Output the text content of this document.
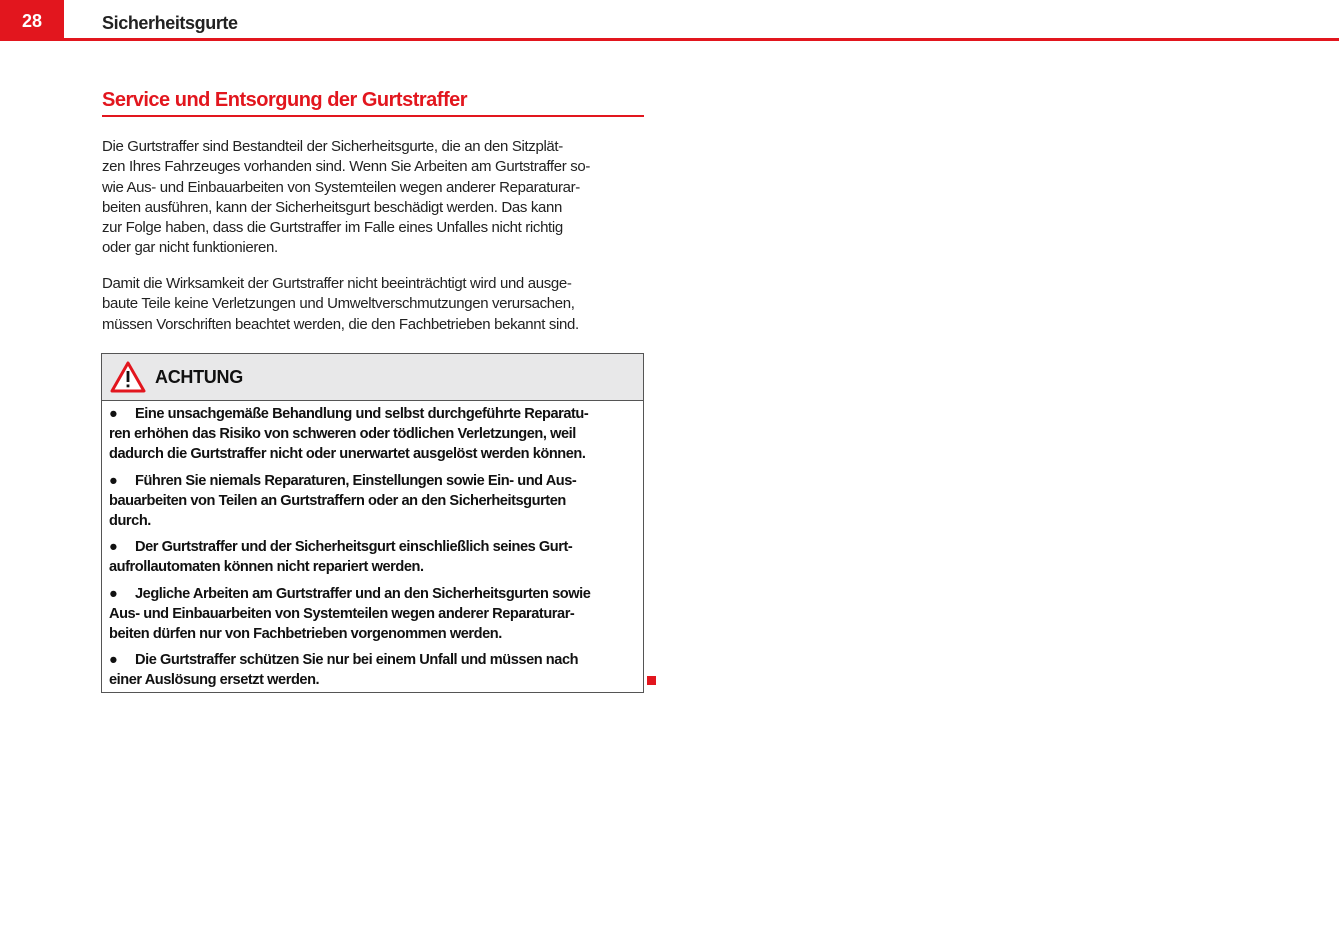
28	Sicherheitsgurte
Service und Entsorgung der Gurtstraffer
Die Gurtstraffer sind Bestandteil der Sicherheitsgurte, die an den Sitzplät-
zen Ihres Fahrzeuges vorhanden sind. Wenn Sie Arbeiten am Gurtstraffer so-
wie Aus- und Einbauarbeiten von Systemteilen wegen anderer Reparaturar-
beiten ausführen, kann der Sicherheitsgurt beschädigt werden. Das kann
zur Folge haben, dass die Gurtstraffer im Falle eines Unfalles nicht richtig
oder gar nicht funktionieren.
Damit die Wirksamkeit der Gurtstraffer nicht beeinträchtigt wird und ausge-
baute Teile keine Verletzungen und Umweltverschmutzungen verursachen,
müssen Vorschriften beachtet werden, die den Fachbetrieben bekannt sind.
ACHTUNG
● Eine unsachgemäße Behandlung und selbst durchgeführte Reparatu-
ren erhöhen das Risiko von schweren oder tödlichen Verletzungen, weil
dadurch die Gurtstraffer nicht oder unerwartet ausgelöst werden können.
● Führen Sie niemals Reparaturen, Einstellungen sowie Ein- und Aus-
bauarbeiten von Teilen an Gurtstraffern oder an den Sicherheitsgurten
durch.
● Der Gurtstraffer und der Sicherheitsgurt einschließlich seines Gurt-
aufrollautomaten können nicht repariert werden.
● Jegliche Arbeiten am Gurtstraffer und an den Sicherheitsgurten sowie
Aus- und Einbauarbeiten von Systemteilen wegen anderer Reparaturar-
beiten dürfen nur von Fachbetrieben vorgenommen werden.
● Die Gurtstraffer schützen Sie nur bei einem Unfall und müssen nach
einer Auslösung ersetzt werden.
